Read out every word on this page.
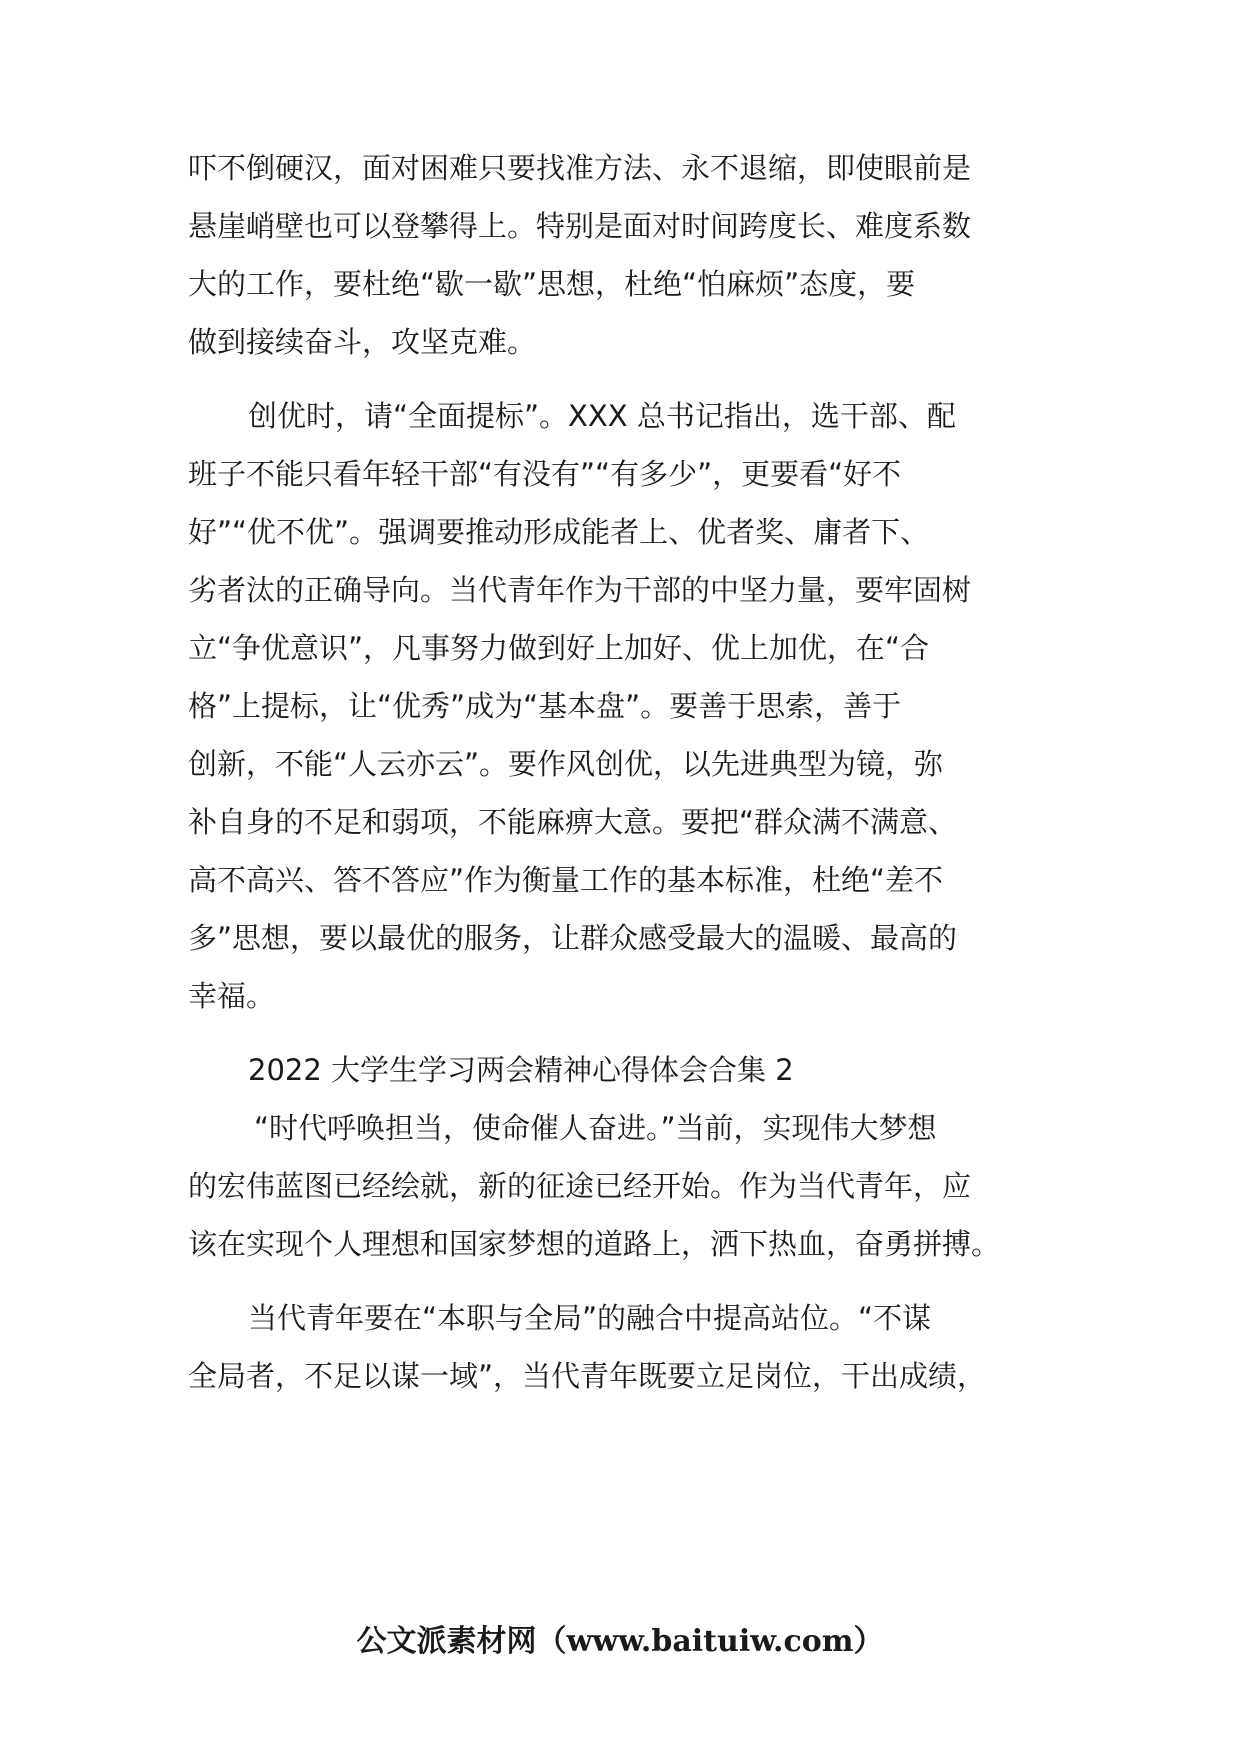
吓不倒硬汉，面对困难只要找准方法、永不退缩，即使眼前是
悬崖峭壁也可以登攀得上。特别是面对时间跨度长、难度系数
大的工作，要杜绝“歇一歇”思想，杜绝“怕麻烦”态度，要
做到接续奋斗，攻坚克难。
创优时，请“全面提标”。XXX 总书记指出，选干部、配
班子不能只看年轻干部“有没有”“有多少”，更要看“好不
好”“优不优”。强调要推动形成能者上、优者奖、庸者下、
劣者汰的正确导向。当代青年作为干部的中坚力量，要牢固树
立“争优意识”，凡事努力做到好上加好、优上加优，在“合
格”上提标，让“优秀”成为“基本盘”。要善于思索，善于
创新，不能“人云亦云”。要作风创优，以先进典型为镜，弥
补自身的不足和弱项，不能麻痹大意。要把“群众满不满意、
高不高兴、答不答应”作为衡量工作的基本标准，杜绝“差不
多”思想，要以最优的服务，让群众感受最大的温暖、最高的
幸福。
2022 大学生学习两会精神心得体会合集 2
“时代呼唤担当，使命催人奋进。”当前，实现伟大梦想
的宏伟蓝图已经绘就，新的征途已经开始。作为当代青年，应
该在实现个人理想和国家梦想的道路上，洒下热血，奋勇拼搏。
当代青年要在“本职与全局”的融合中提高站位。“不谋
全局者，不足以谋一域”，当代青年既要立足岗位，干出成绩，
公文派素材网（www.baituiw.com）
